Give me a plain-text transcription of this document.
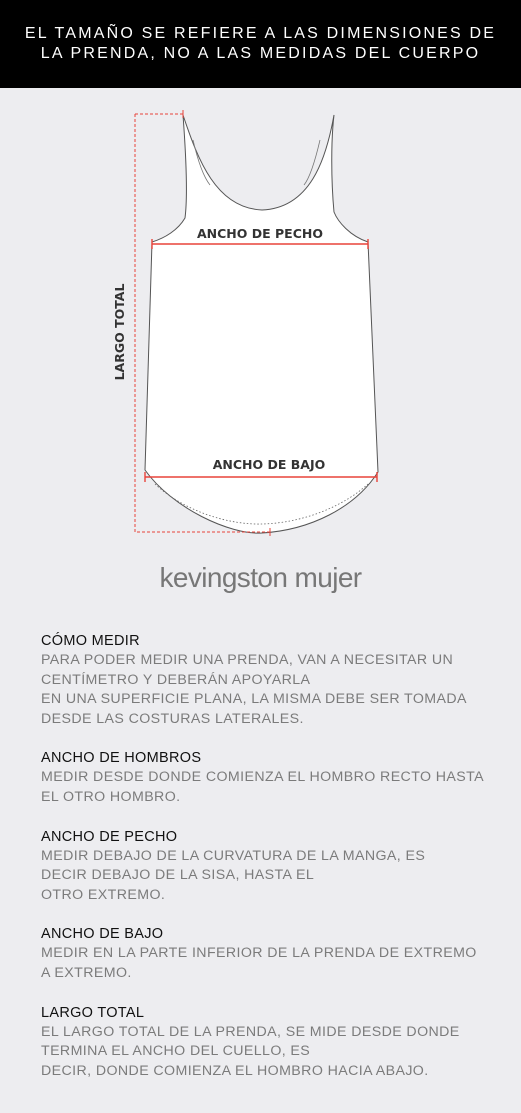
EL TAMAÑO SE REFIERE A LAS DIMENSIONES DE LA PRENDA, NO A LAS MEDIDAS DEL CUERPO

ANCHO DE PECHO
ANCHO DE BAJO
LARGO TOTAL
kevingston mujer
CÓMO MEDIR

PARA PODER MEDIR UNA PRENDA, VAN A NECESITAR UN
CENTÍMETRO Y DEBERÁN APOYARLA
EN UNA SUPERFICIE PLANA, LA MISMA DEBE SER TOMADA
DESDE LAS COSTURAS LATERALES.

ANCHO DE HOMBROS

MEDIR DESDE DONDE COMIENZA EL HOMBRO RECTO HASTA
EL OTRO HOMBRO.

ANCHO DE PECHO

MEDIR DEBAJO DE LA CURVATURA DE LA MANGA, ES
DECIR DEBAJO DE LA SISA, HASTA EL
OTRO EXTREMO.

ANCHO DE BAJO

MEDIR EN LA PARTE INFERIOR DE LA PRENDA DE EXTREMO
A EXTREMO.

LARGO TOTAL

EL LARGO TOTAL DE LA PRENDA, SE MIDE DESDE DONDE
TERMINA EL ANCHO DEL CUELLO, ES
DECIR, DONDE COMIENZA EL HOMBRO HACIA ABAJO.
